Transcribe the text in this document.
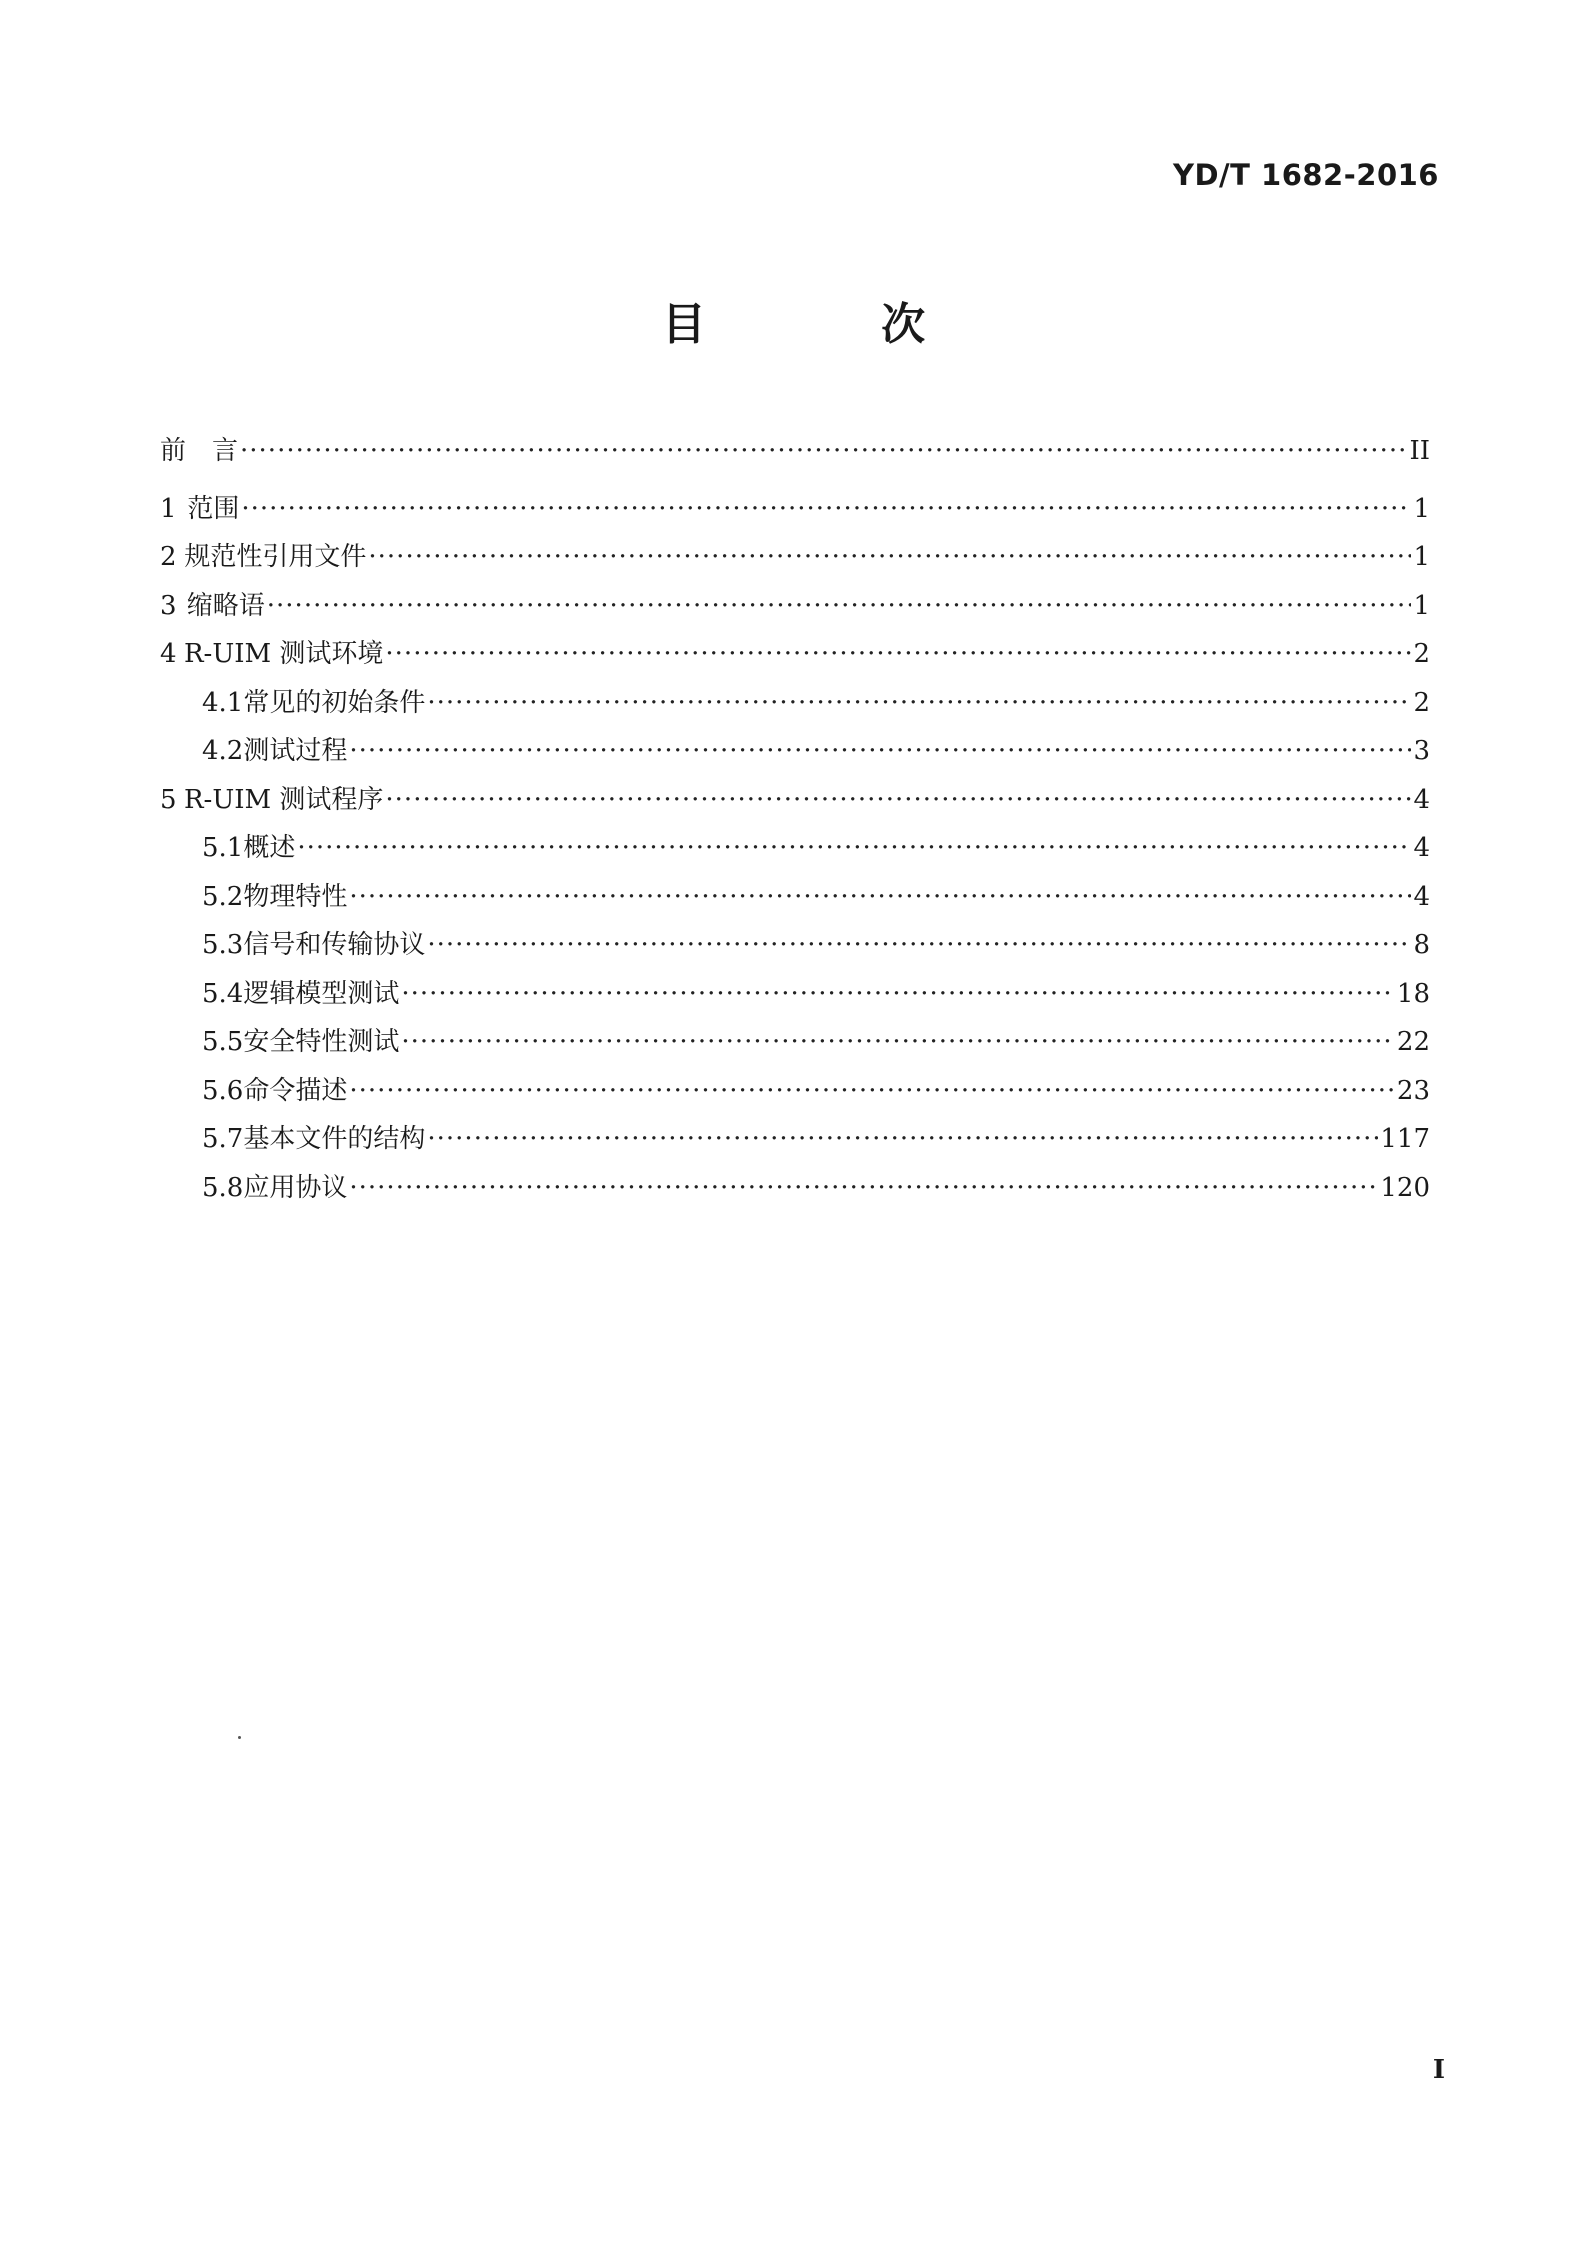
YD/T 1682-2016
目 次
前　言 ·····	II
1 范围 ·····	1
2 规范性引用文件 ·····	1
3 缩略语 ·····	1
4 R-UIM 测试环境 ·····	2
4.1 常见的初始条件 ·····	2
4.2 测试过程 ·····	3
5 R-UIM 测试程序 ·····	4
5.1 概述 ·····	4
5.2 物理特性 ·····	4
5.3 信号和传输协议 ·····	8
5.4 逻辑模型测试 ·····	18
5.5 安全特性测试 ·····	22
5.6 命令描述 ·····	23
5.7 基本文件的结构 ·····	117
5.8 应用协议 ·····	120
I
